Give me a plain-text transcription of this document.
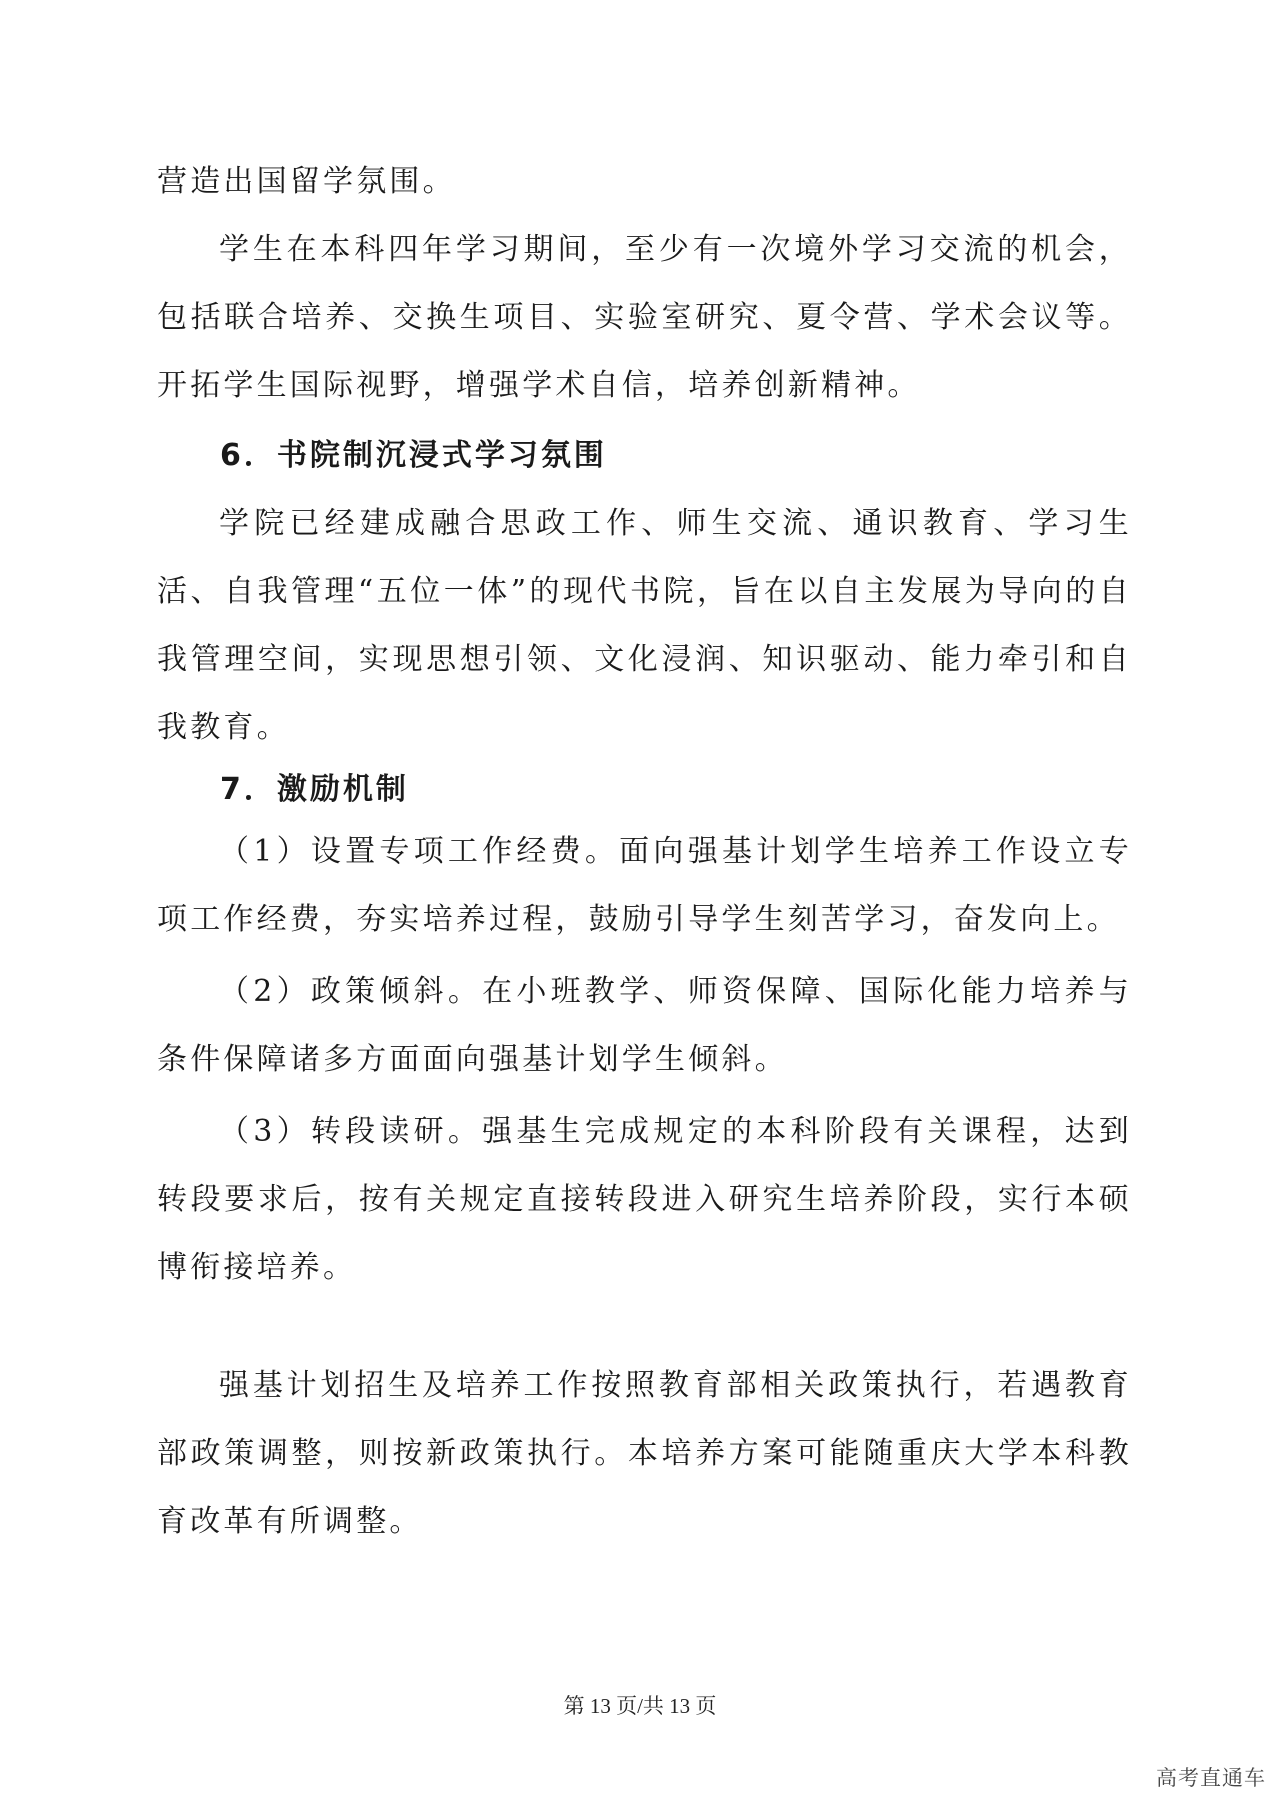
营造出国留学氛围。

学生在本科四年学习期间，至少有一次境外学习交流的机会，包括联合培养、交换生项目、实验室研究、夏令营、学术会议等。开拓学生国际视野，增强学术自信，培养创新精神。

6．书院制沉浸式学习氛围

学院已经建成融合思政工作、师生交流、通识教育、学习生活、自我管理“五位一体”的现代书院，旨在以自主发展为导向的自我管理空间，实现思想引领、文化浸润、知识驱动、能力牵引和自我教育。

7．激励机制

（1）设置专项工作经费。面向强基计划学生培养工作设立专项工作经费，夯实培养过程，鼓励引导学生刻苦学习，奋发向上。

（2）政策倾斜。在小班教学、师资保障、国际化能力培养与条件保障诸多方面面向强基计划学生倾斜。

（3）转段读研。强基生完成规定的本科阶段有关课程，达到转段要求后，按有关规定直接转段进入研究生培养阶段，实行本硕博衔接培养。

强基计划招生及培养工作按照教育部相关政策执行，若遇教育部政策调整，则按新政策执行。本培养方案可能随重庆大学本科教育改革有所调整。

第 13 页/共 13 页
高考直通车
